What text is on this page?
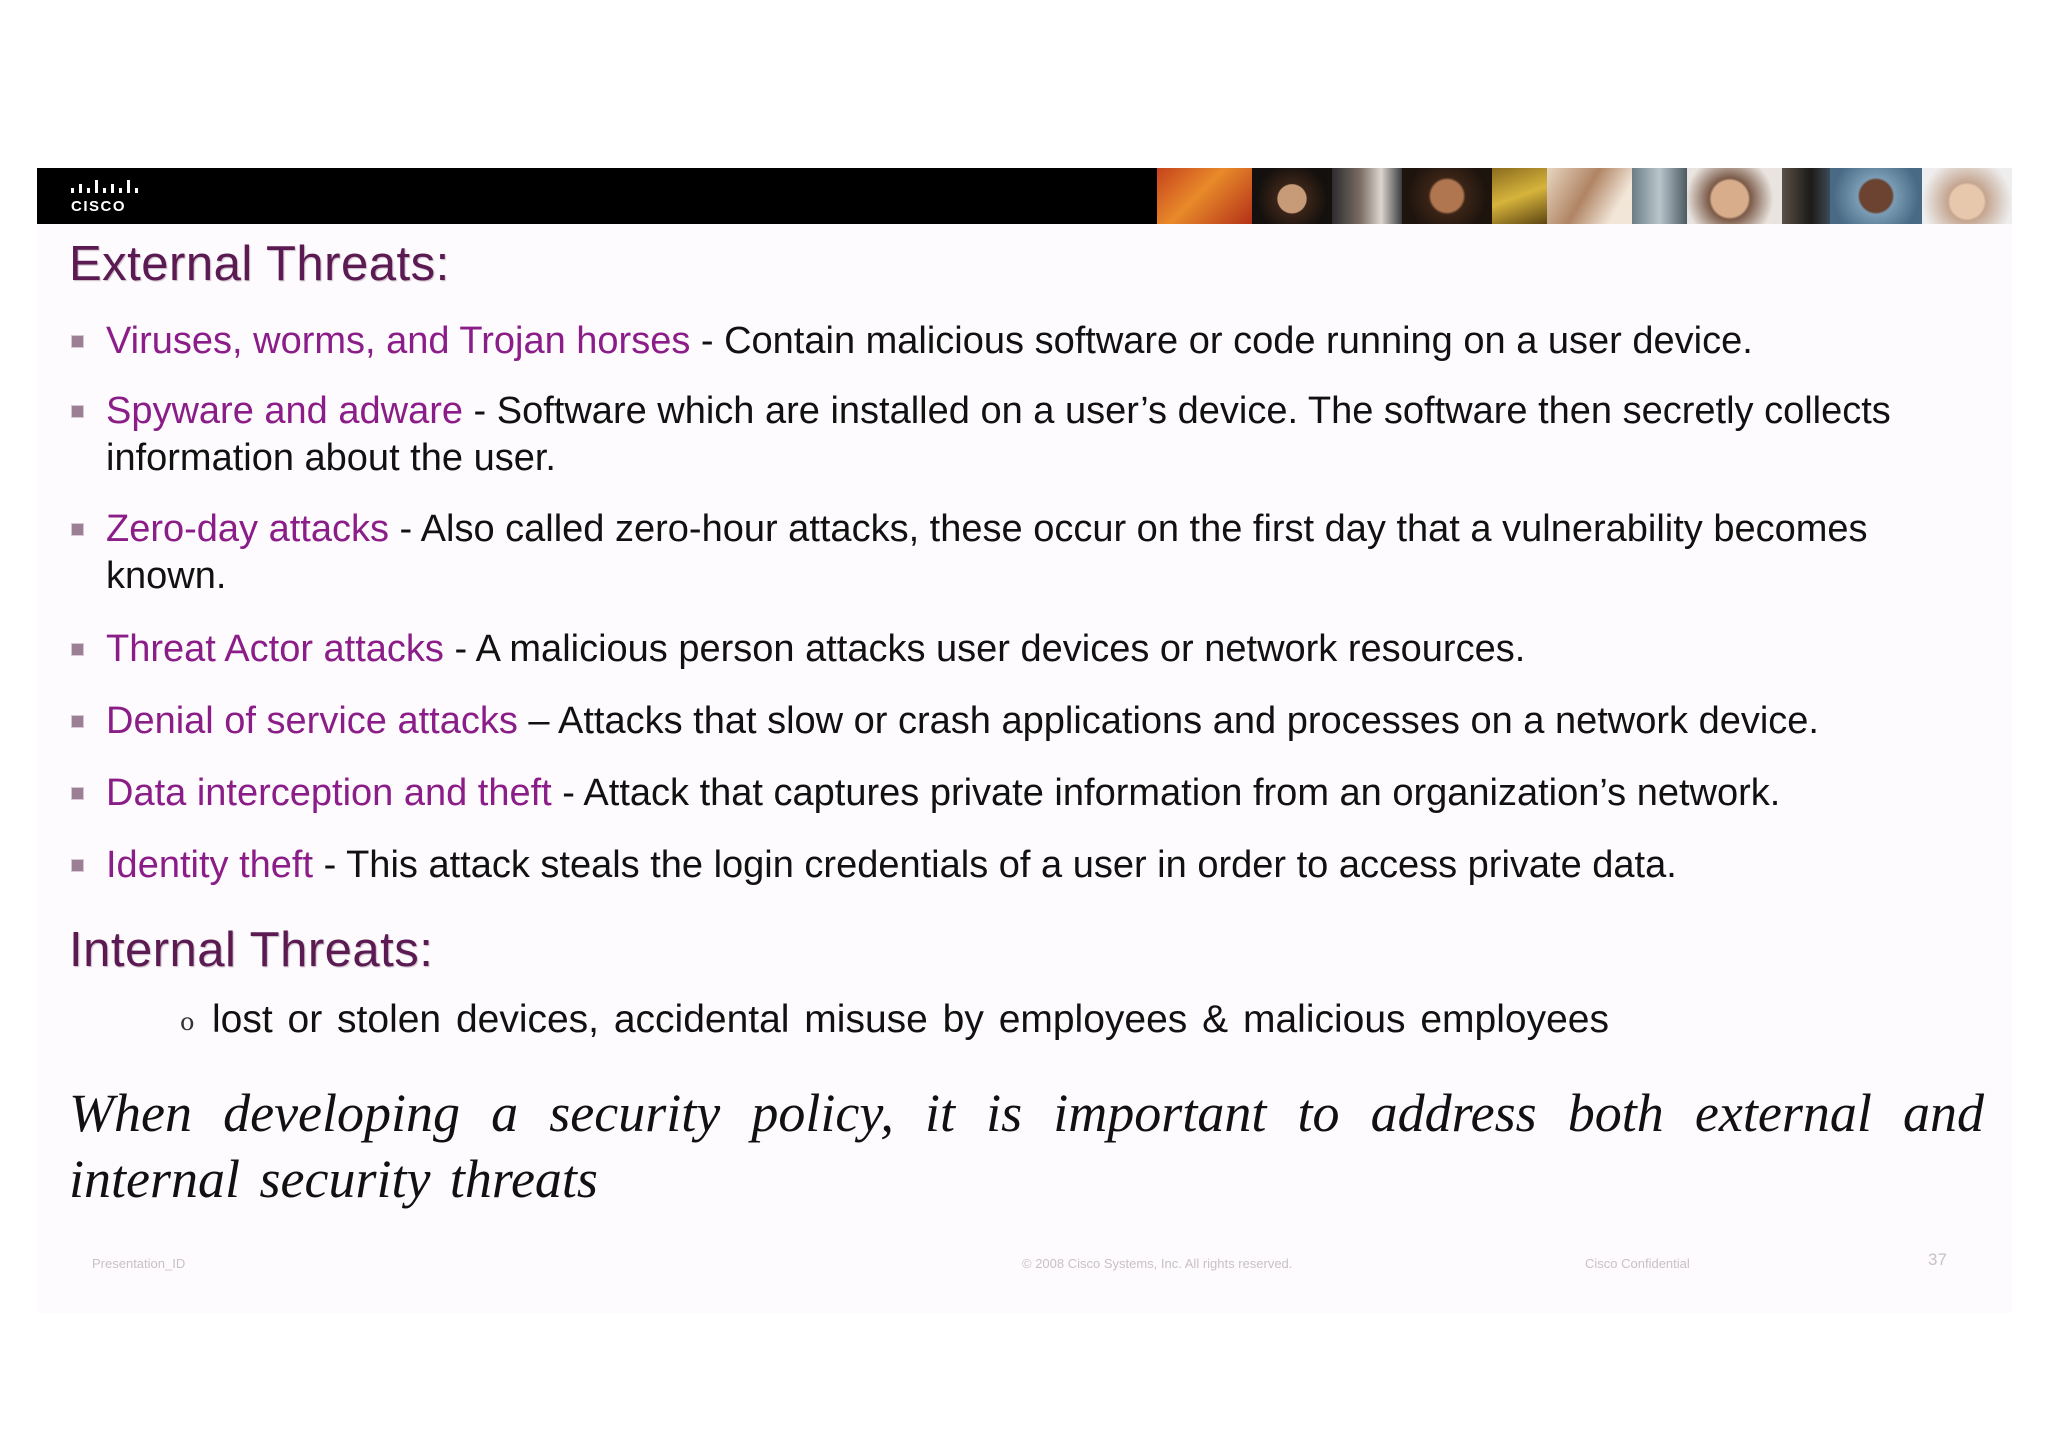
CISCO
External Threats:
Viruses, worms, and Trojan horses - Contain malicious software or code running on a user device.
Spyware and adware - Software which are installed on a user’s device. The software then secretly collects information about the user.
Zero-day attacks - Also called zero-hour attacks, these occur on the first day that a vulnerability becomes known.
Threat Actor attacks - A malicious person attacks user devices or network resources.
Denial of service attacks – Attacks that slow or crash applications and processes on a network device.
Data interception and theft - Attack that captures private information from an organization’s network.
Identity theft - This attack steals the login credentials of a user in order to access private data.
Internal Threats:
o lost or stolen devices, accidental misuse by employees & malicious employees

When developing a security policy, it is important to address both external and internal security threats

Presentation_ID	© 2008 Cisco Systems, Inc. All rights reserved.	Cisco Confidential	37
